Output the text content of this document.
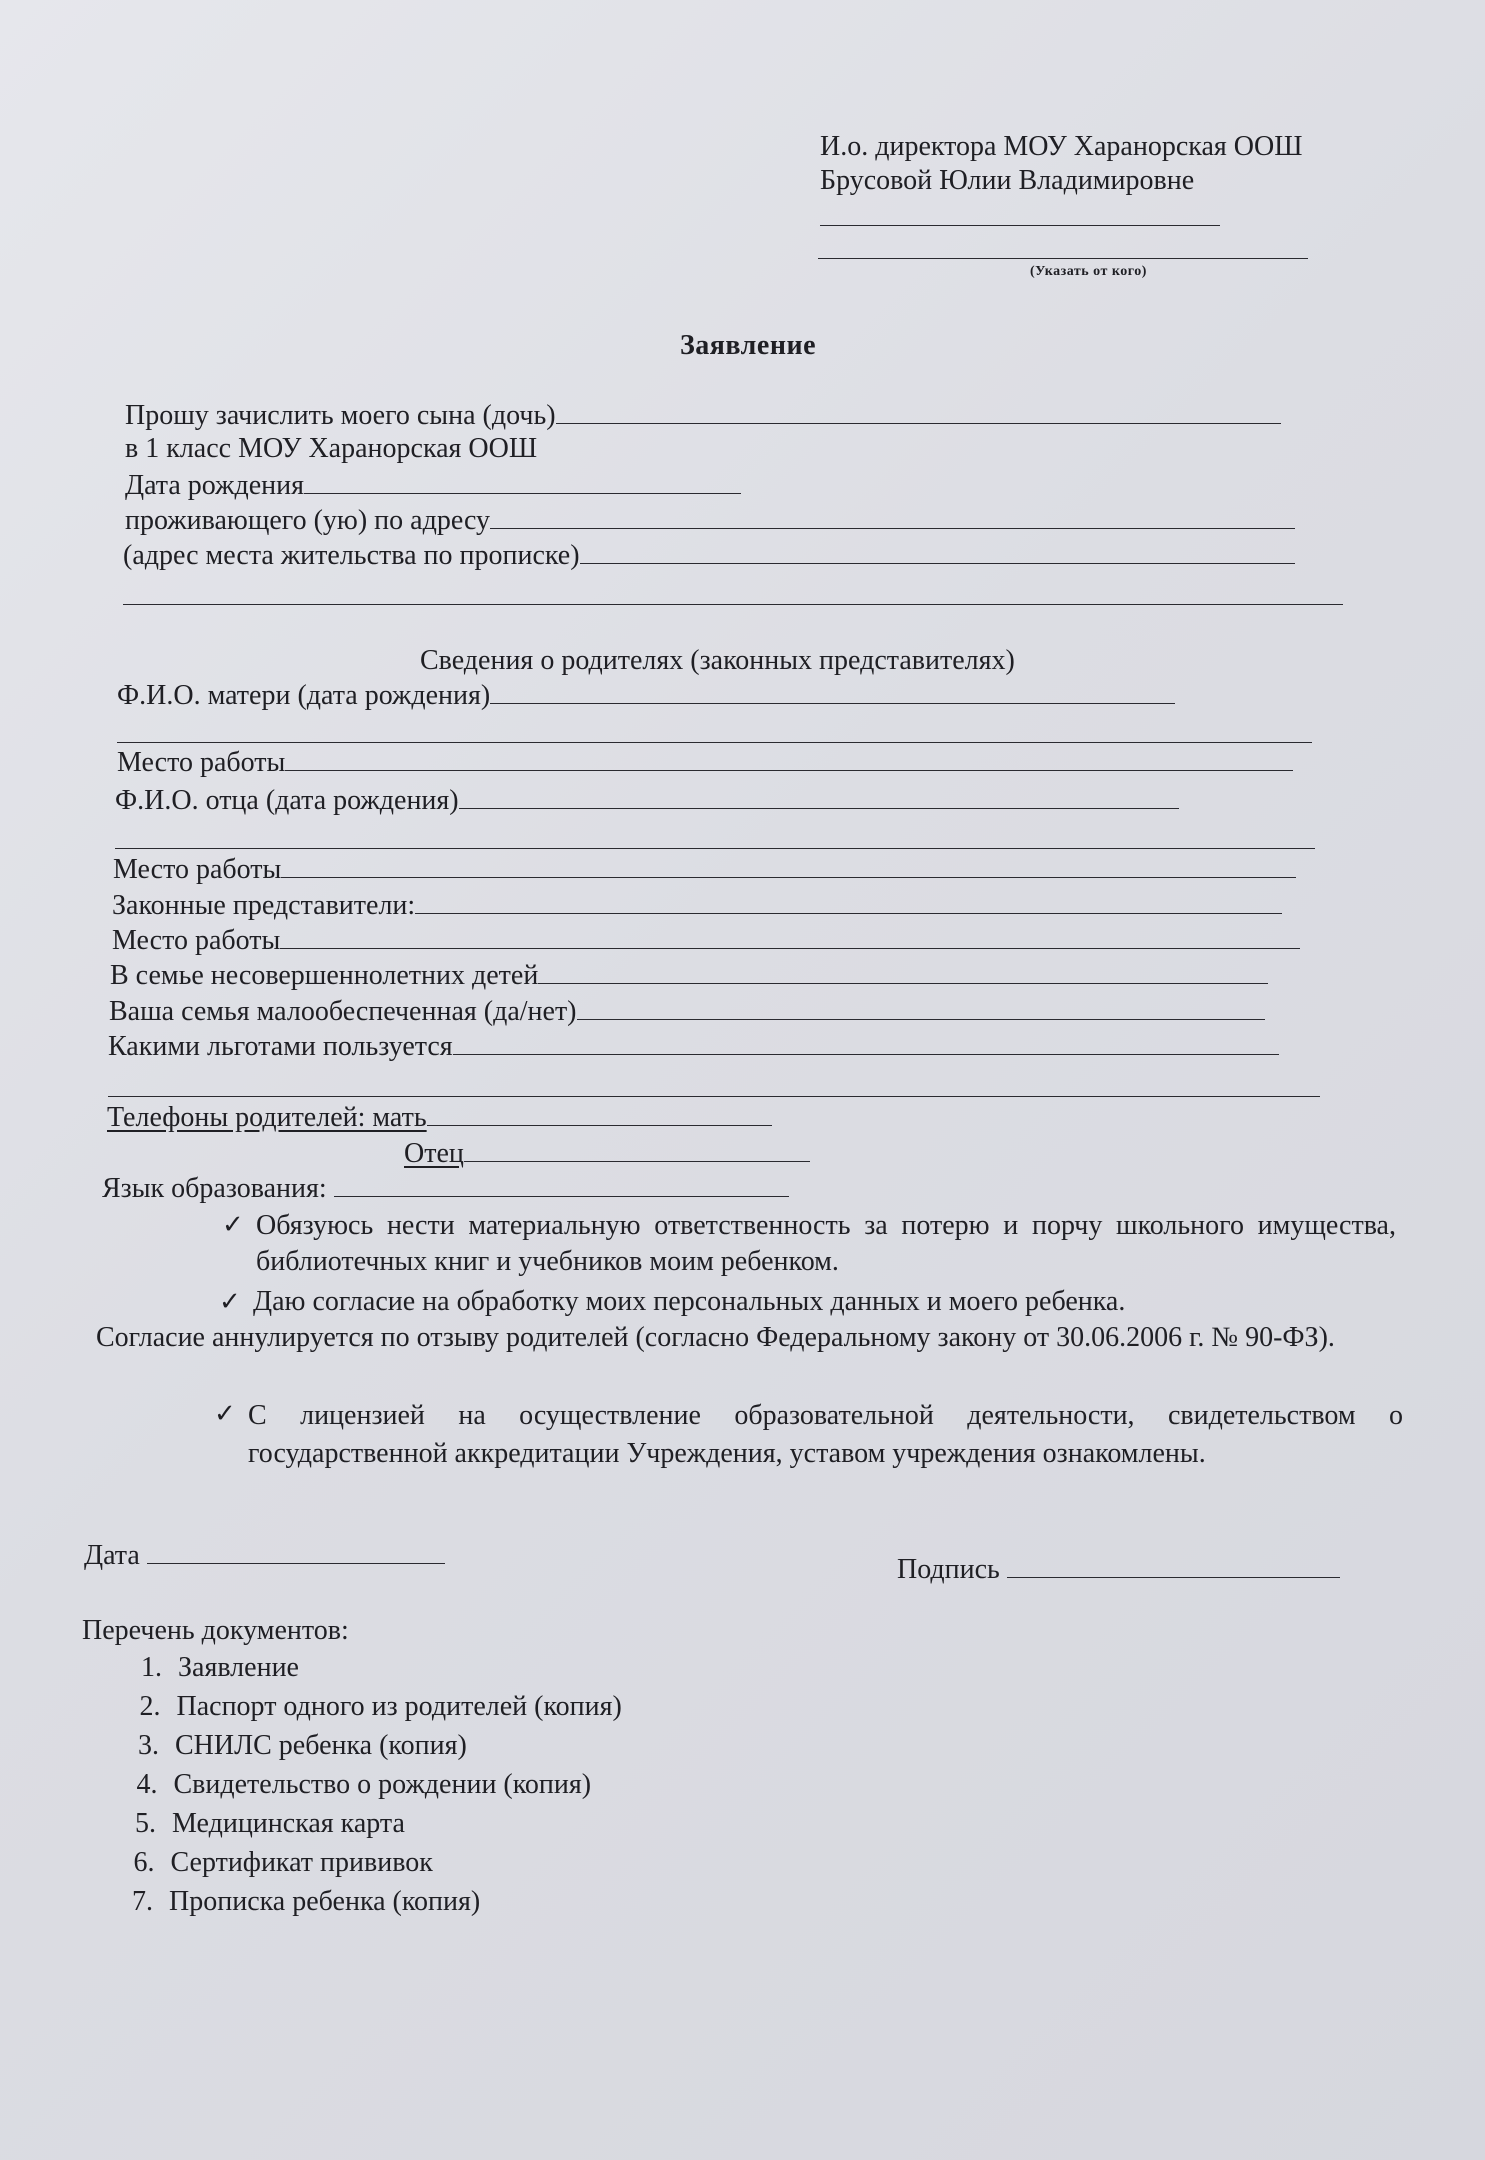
И.о. директора МОУ Харанорская ООШ
Брусовой Юлии Владимировне
(Указать от кого)
Заявление
Прошу зачислить моего сына (дочь)
в 1 класс МОУ Харанорская ООШ
Дата рождения
проживающего (ую) по адресу
(адрес места жительства по прописке)
Сведения о родителях (законных представителях)
Ф.И.О. матери (дата рождения)
Место работы
Ф.И.О. отца (дата рождения)
Место работы
Законные представители:
Место работы
В семье несовершеннолетних детей
Ваша семья малообеспеченная (да/нет)
Какими льготами пользуется
Телефоны родителей: мать
Отец
Язык образования:
✓ Обязуюсь нести материальную ответственность за потерю и порчу школьного имущества, библиотечных книг и учебников моим ребенком.
✓ Даю согласие на обработку моих персональных данных и моего ребенка.
Согласие аннулируется по отзыву родителей (согласно Федеральному закону от 30.06.2006 г. № 90-ФЗ).
✓ С лицензией на осуществление образовательной деятельности, свидетельством о государственной аккредитации Учреждения, уставом учреждения ознакомлены.
Дата	Подпись
Перечень документов:
1. Заявление
2. Паспорт одного из родителей (копия)
3. СНИЛС ребенка (копия)
4. Свидетельство о рождении (копия)
5. Медицинская карта
6. Сертификат прививок
7. Прописка ребенка (копия)
